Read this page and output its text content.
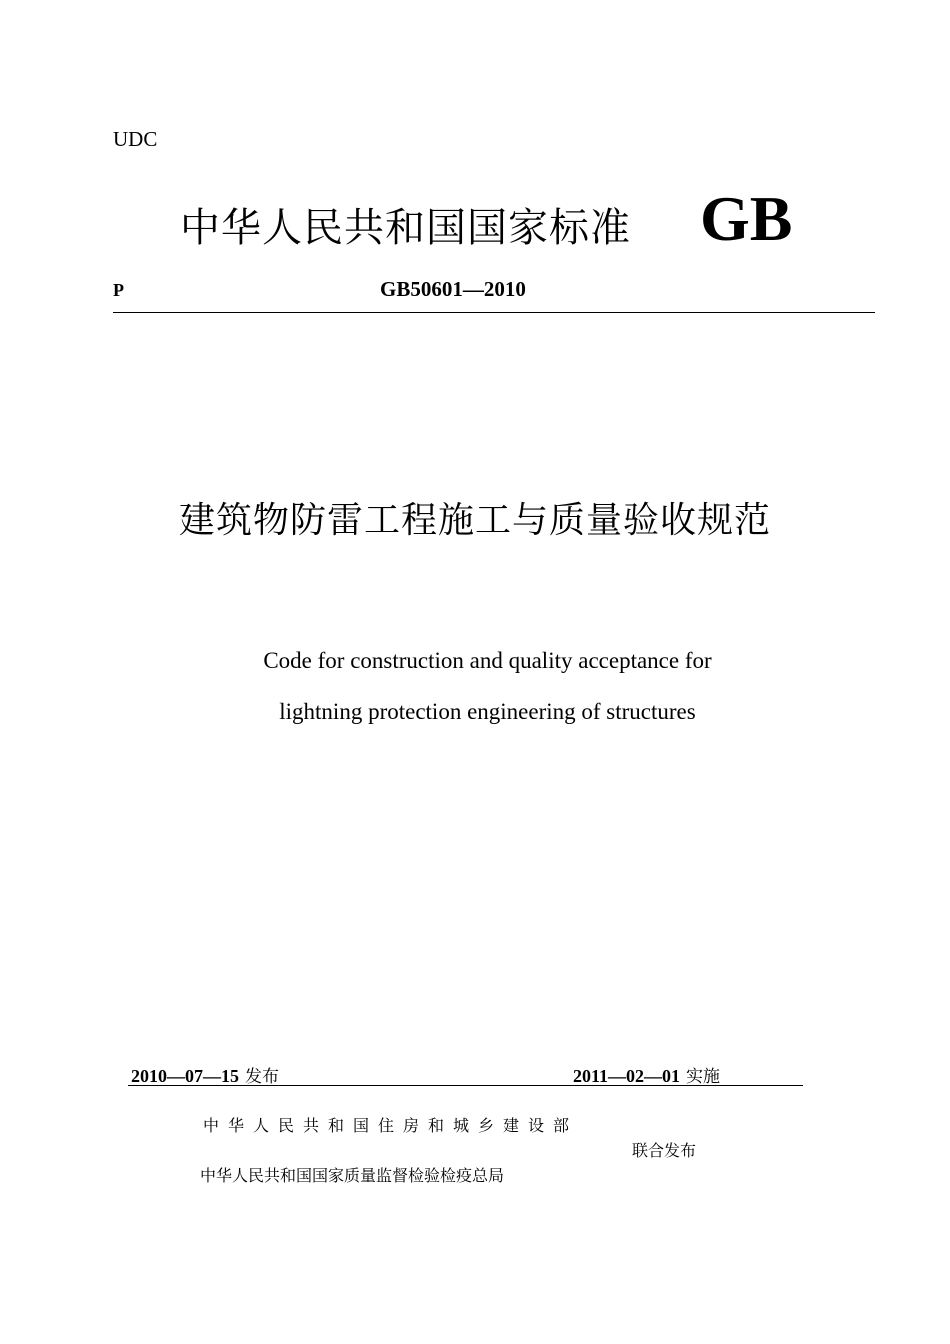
UDC
中华人民共和国国家标准 GB
P	GB50601—2010
建筑物防雷工程施工与质量验收规范
Code for construction and quality acceptance for
lightning protection engineering of structures
2010—07—15 发布	2011—02—01 实施
中华人民共和国住房和城乡建设部
中华人民共和国国家质量监督检验检疫总局
联合发布
